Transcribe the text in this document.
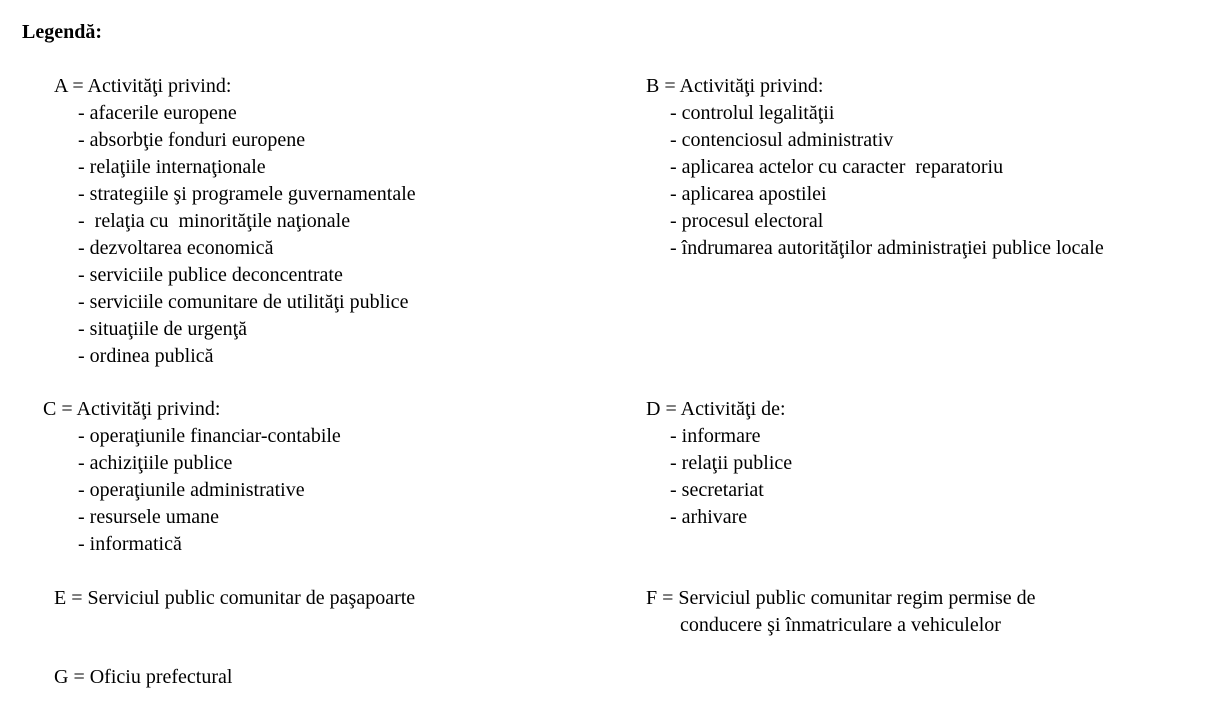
Legendă:
A = Activităţi privind:
- afacerile europene
- absorbţie fonduri europene
- relaţiile internaţionale
- strategiile şi programele guvernamentale
-  relaţia cu  minorităţile naţionale
- dezvoltarea economică
- serviciile publice deconcentrate
- serviciile comunitare de utilităţi publice
- situaţiile de urgenţă
- ordinea publică
B = Activităţi privind:
- controlul legalităţii
- contenciosul administrativ
- aplicarea actelor cu caracter  reparatoriu
- aplicarea apostilei
- procesul electoral
- îndrumarea autorităţilor administraţiei publice locale
C = Activităţi privind:
- operaţiunile financiar-contabile
- achiziţiile publice
- operaţiunile administrative
- resursele umane
- informatică
D = Activităţi de:
- informare
- relaţii publice
- secretariat
- arhivare
E = Serviciul public comunitar de paşapoarte	F = Serviciul public comunitar regim permise de
conducere şi înmatriculare a vehiculelor
G = Oficiu prefectural
